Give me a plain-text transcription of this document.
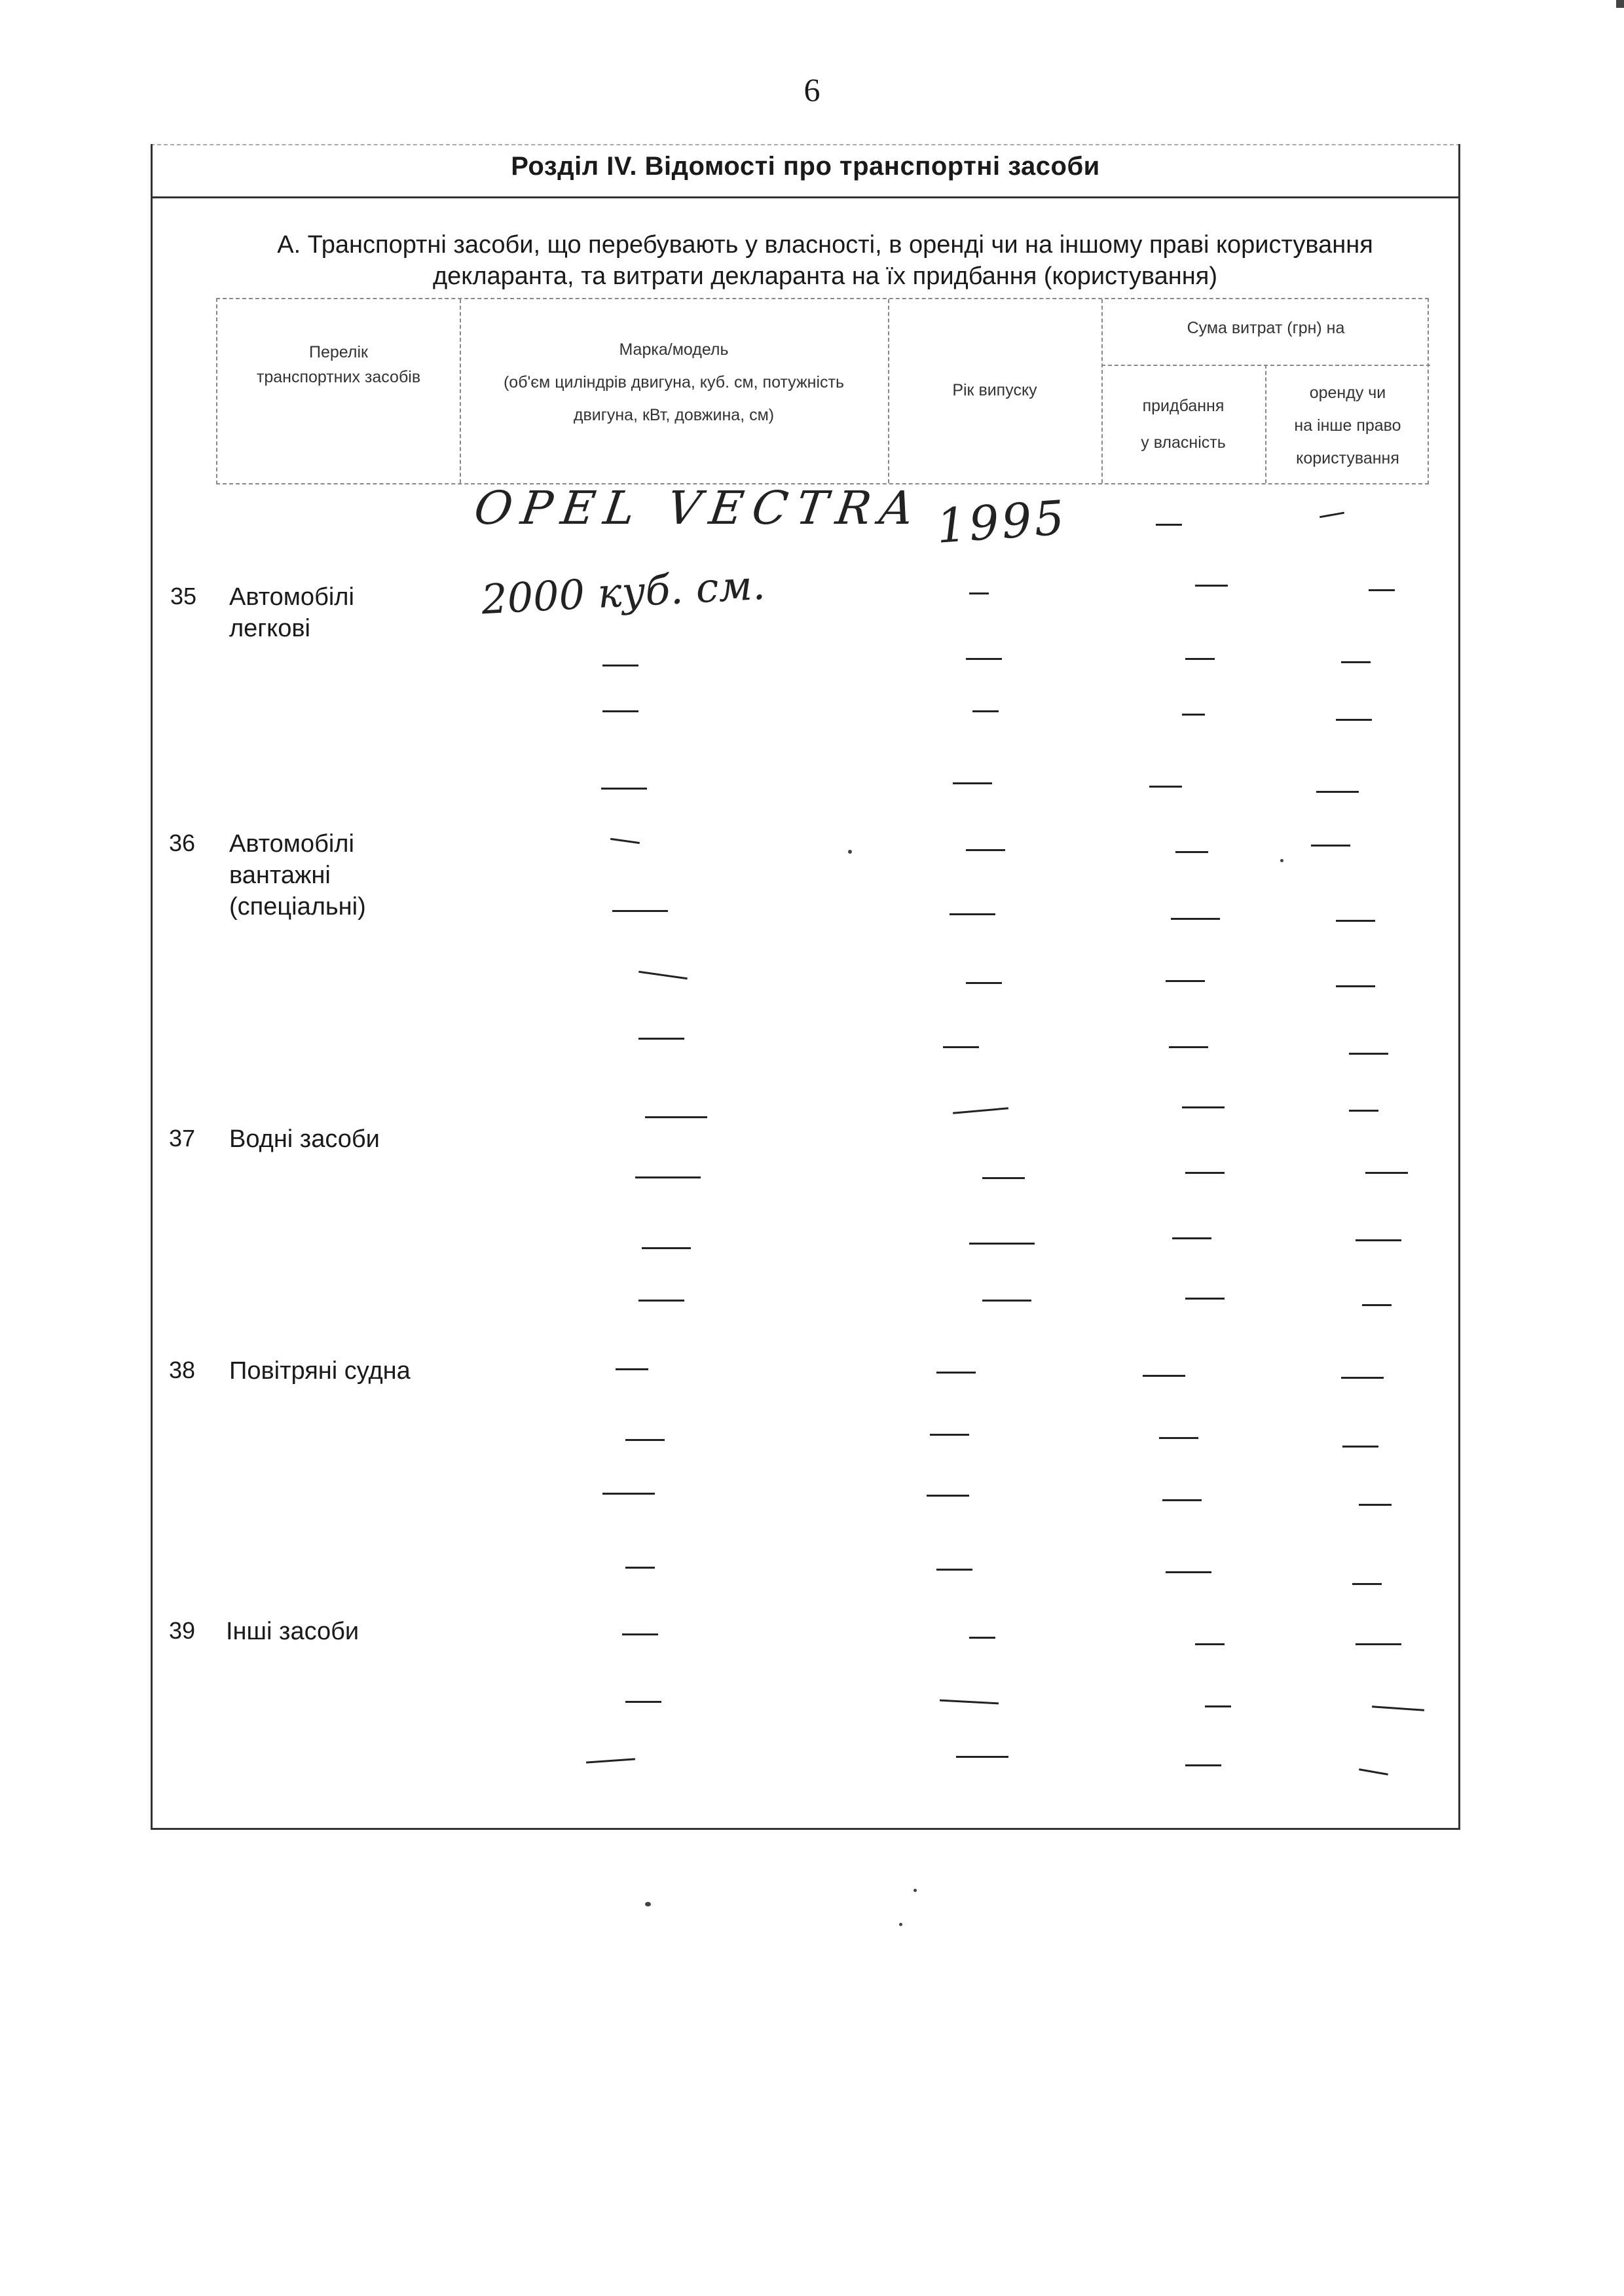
6
Розділ IV. Відомості про транспортні засоби
А. Транспортні засоби, що перебувають у власності, в оренді чи на іншому праві користування
декларанта, та витрати декларанта на їх придбання (користування)
Перелік
транспортних засобів
Марка/модель
(об'єм циліндрів двигуна, куб. см, потужність
двигуна, кВт, довжина, см)
Рік випуску
Сума витрат (грн) на
придбання
у власність
оренду чи
на інше право
користування
35 Автомобілі
легкові
36 Автомобілі
вантажні
(спеціальні)
37 Водні засоби
38 Повітряні судна
39 Інші засоби
OPEL VECTRA 1995
2000 куб. см.
